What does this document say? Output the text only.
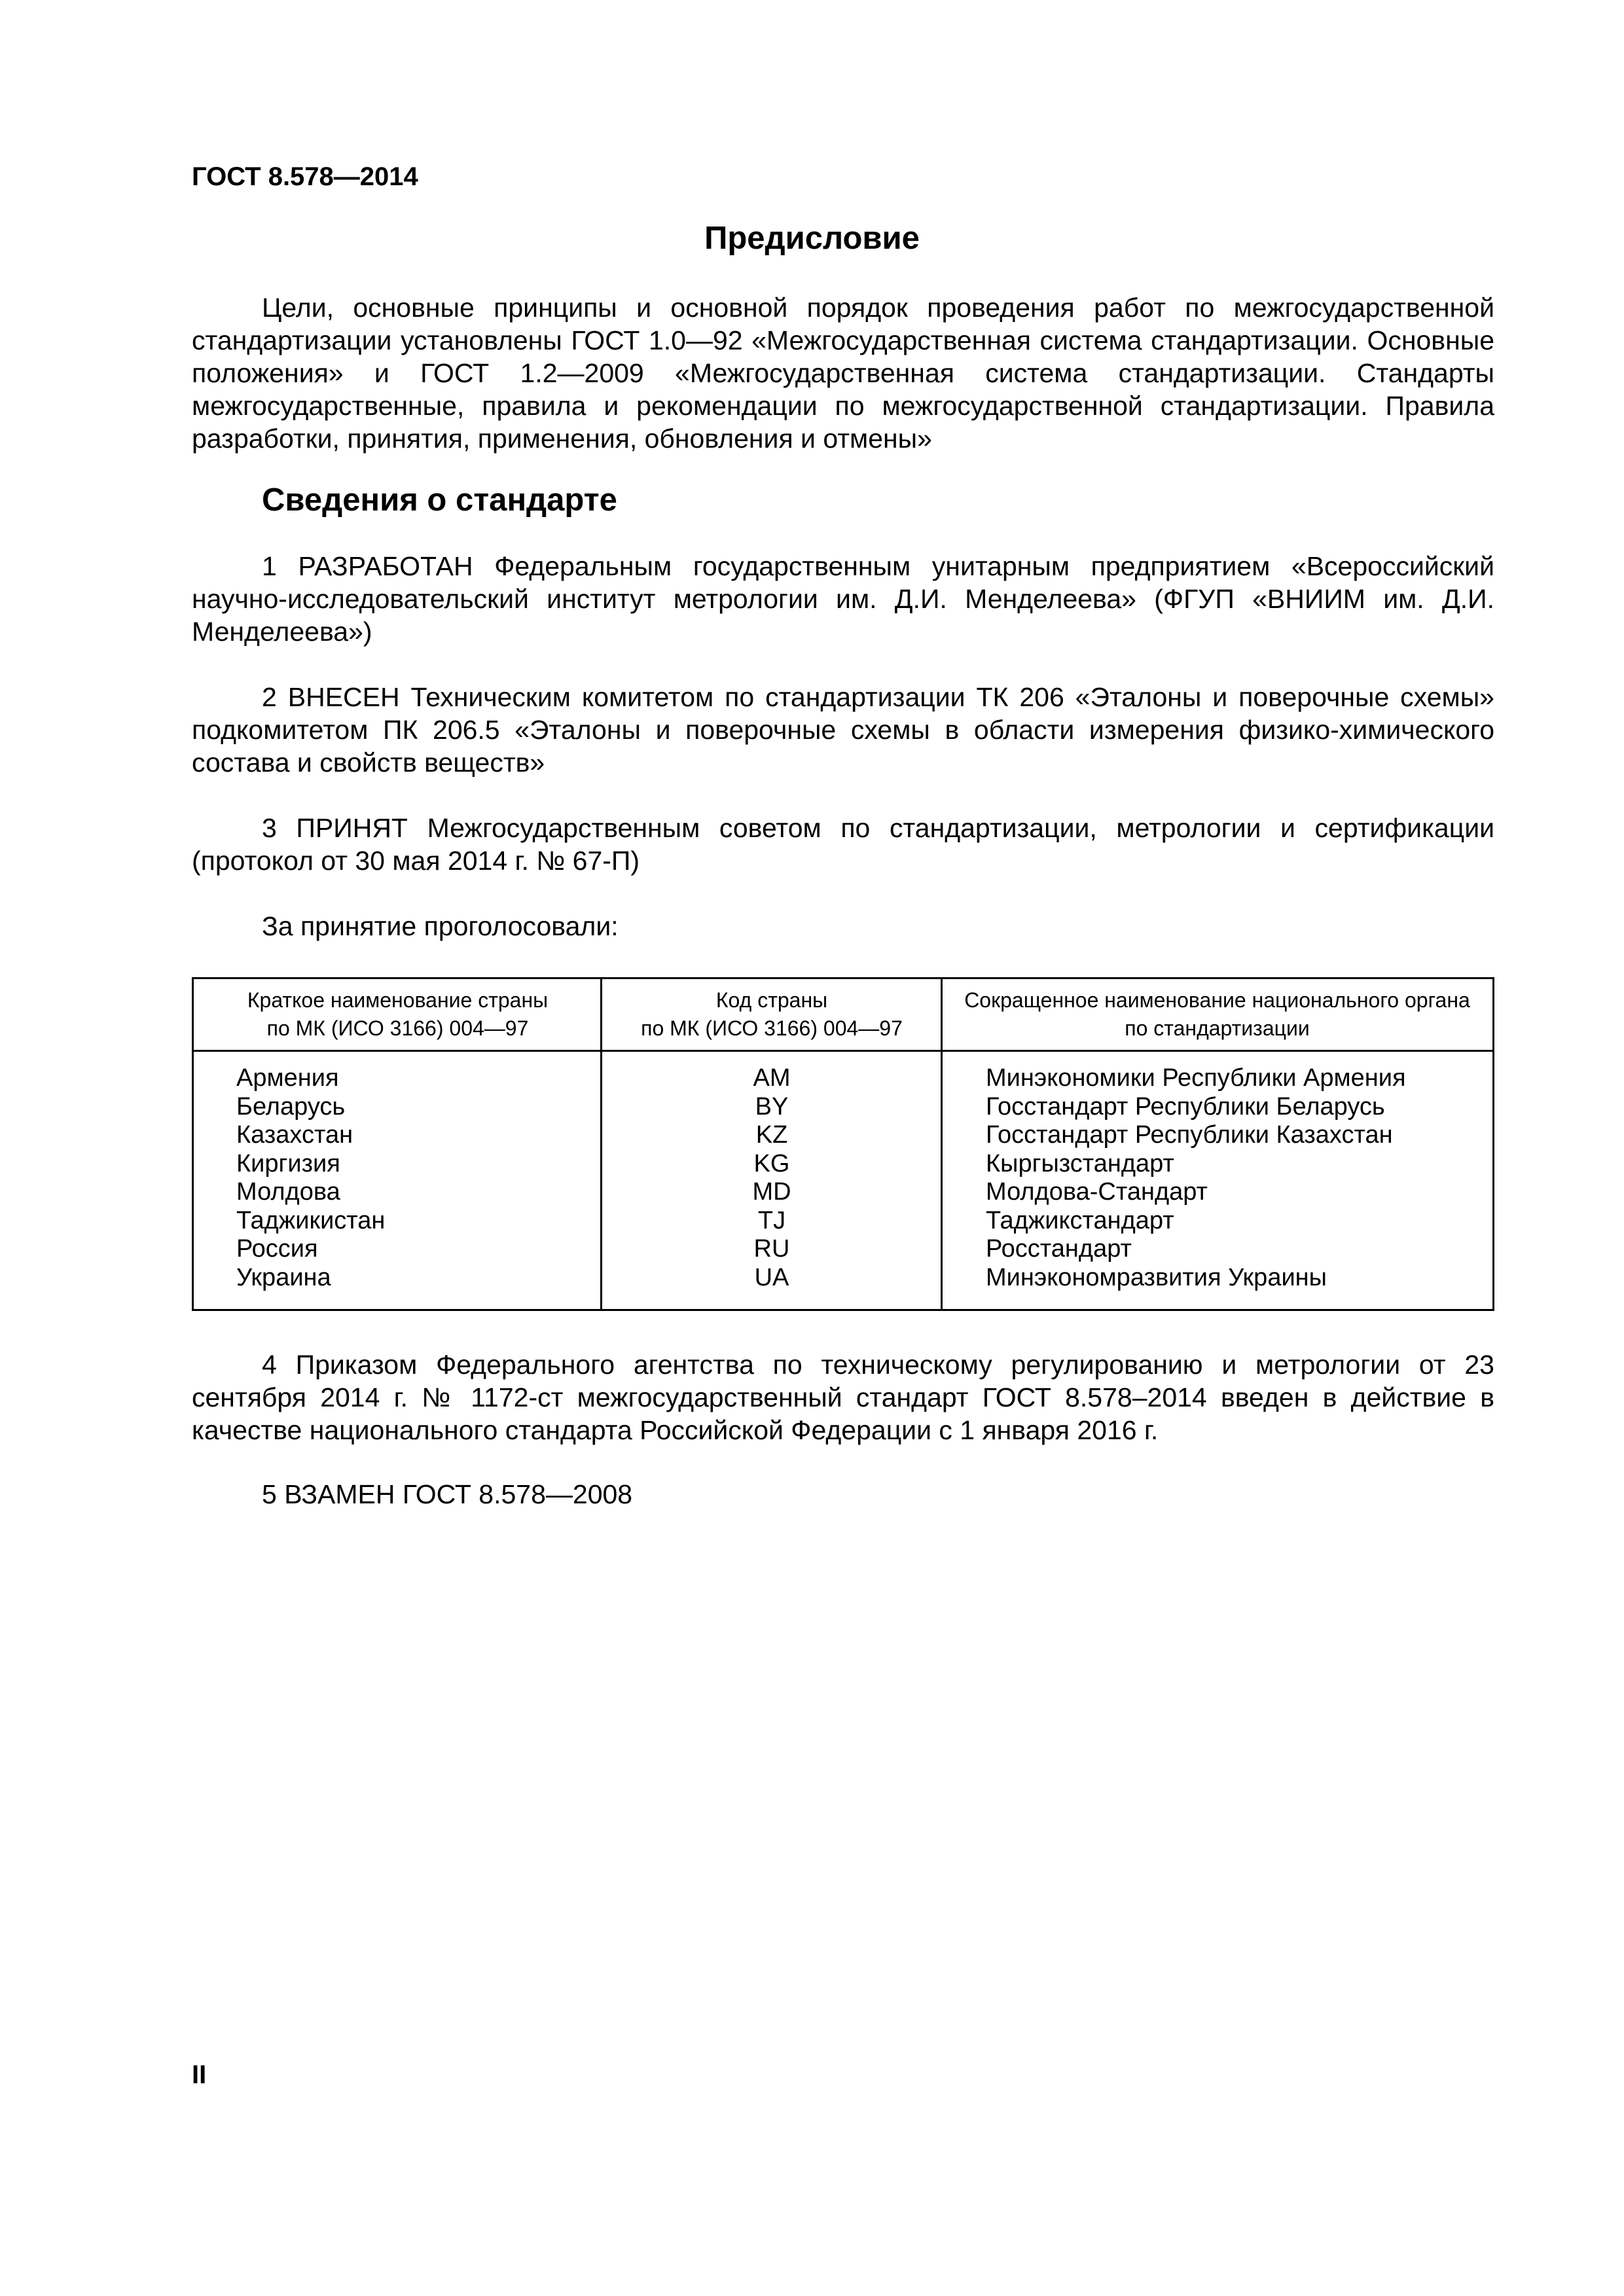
ГОСТ 8.578—2014
Предисловие

Цели, основные принципы и основной порядок проведения работ по межгосударственной стандартизации установлены ГОСТ 1.0—92 «Межгосударственная система стандартизации. Основные положения» и ГОСТ 1.2—2009 «Межгосударственная система стандартизации. Стандарты межгосударственные, правила и рекомендации по межгосударственной стандартизации. Правила разработки, принятия, применения, обновления и отмены»

Сведения о стандарте

1 РАЗРАБОТАН Федеральным государственным унитарным предприятием «Всероссийский научно-исследовательский институт метрологии им. Д.И. Менделеева» (ФГУП «ВНИИМ им. Д.И. Менделеева»)

2 ВНЕСЕН Техническим комитетом по стандартизации ТК 206 «Эталоны и поверочные схемы» подкомитетом ПК 206.5 «Эталоны и поверочные схемы в области измерения физико-химического состава и свойств веществ»

3 ПРИНЯТ Межгосударственным советом по стандартизации, метрологии и сертификации (протокол от 30 мая 2014 г. № 67-П)

За принятие проголосовали:

Краткое наименование страны
по МК (ИСО 3166) 004—97
Код страны
по МК (ИСО 3166) 004—97
Сокращенное наименование национального органа
по стандартизации
Армения
Беларусь
Казахстан
Киргизия
Молдова
Таджикистан
Россия
Украина
AM
BY
KZ
KG
MD
TJ
RU
UA
Минэкономики Республики Армения
Госстандарт Республики Беларусь
Госстандарт Республики Казахстан
Кыргызстандарт
Молдова-Стандарт
Таджикстандарт
Росстандарт
Минэкономразвития Украины

4 Приказом Федерального агентства по техническому регулированию и метрологии от 23 сентября 2014 г. № 1172-ст межгосударственный стандарт ГОСТ 8.578–2014 введен в действие в качестве национального стандарта Российской Федерации с 1 января 2016 г.

5 ВЗАМЕН ГОСТ 8.578—2008

II
